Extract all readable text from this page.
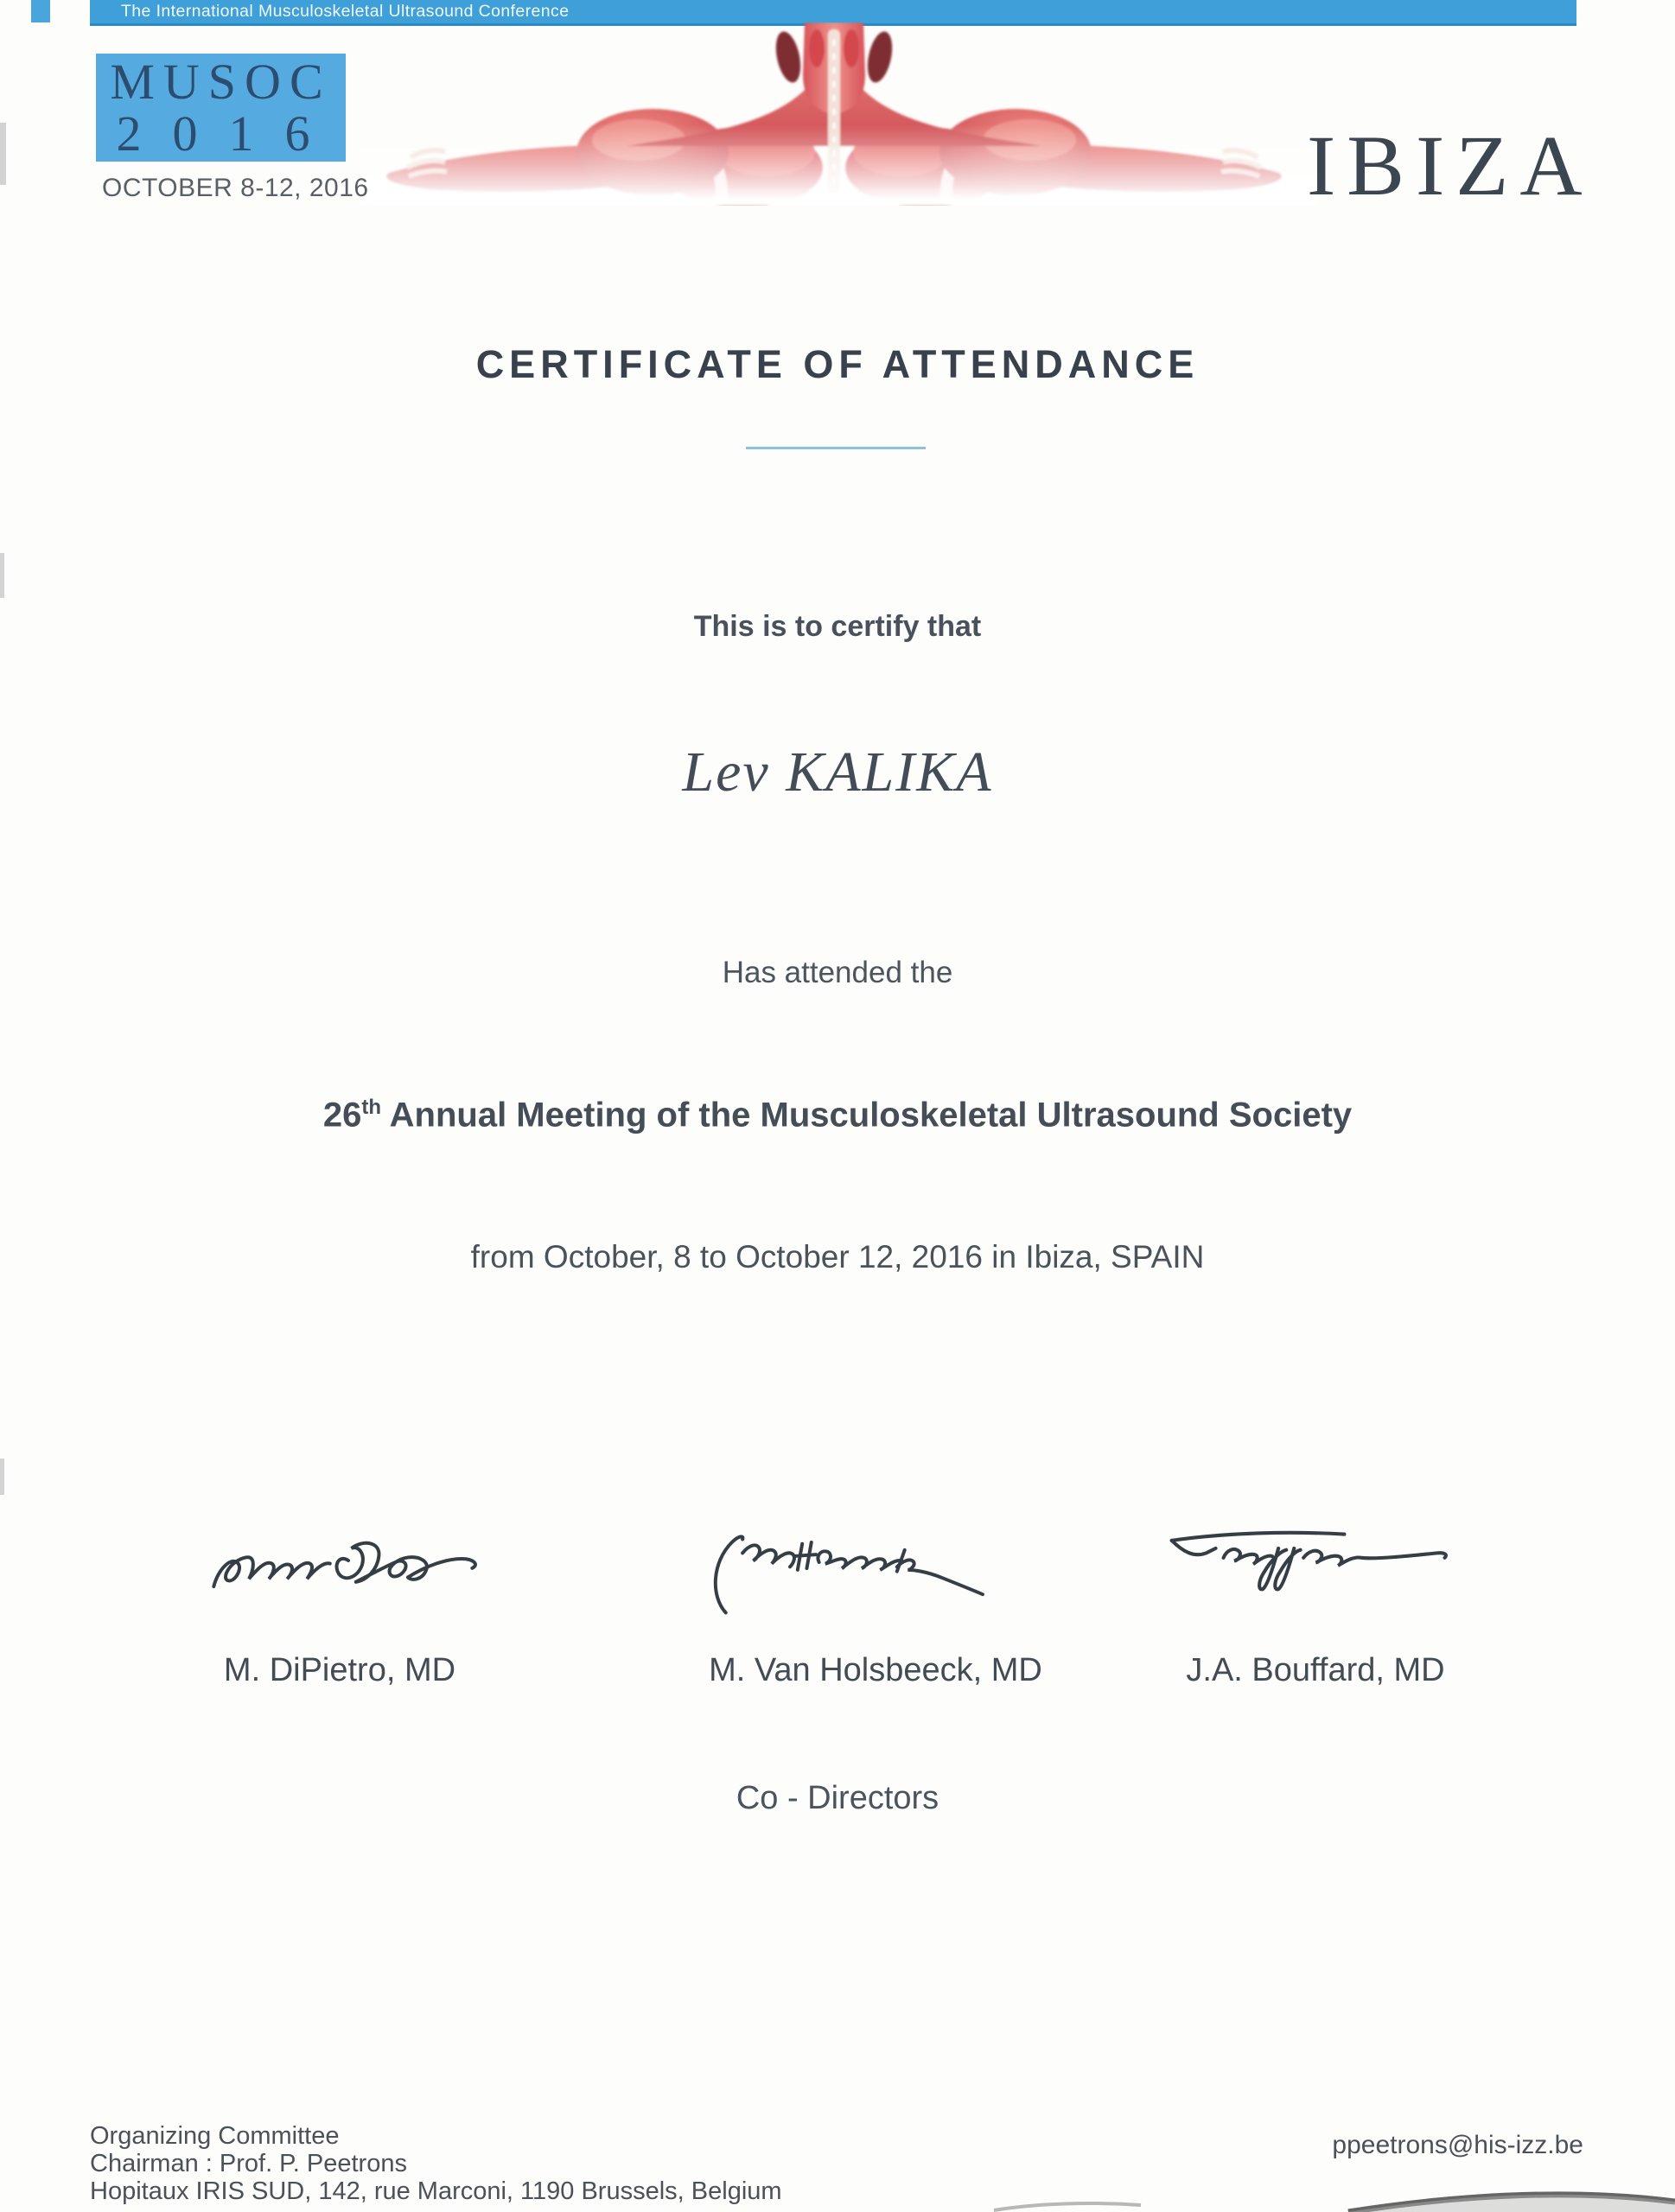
The International Musculoskeletal Ultrasound Conference
MUSOC
2016
OCTOBER 8-12, 2016	IBIZA
CERTIFICATE OF ATTENDANCE
This is to certify that
Lev KALIKA
Has attended the
26th Annual Meeting of the Musculoskeletal Ultrasound Society
from October, 8 to October 12, 2016 in Ibiza, SPAIN
M. DiPietro, MD	M. Van Holsbeeck, MD	J.A. Bouffard, MD
Co - Directors
Organizing Committee
Chairman : Prof. P. Peetrons
Hopitaux IRIS SUD, 142, rue Marconi, 1190 Brussels, Belgium
ppeetrons@his-izz.be
